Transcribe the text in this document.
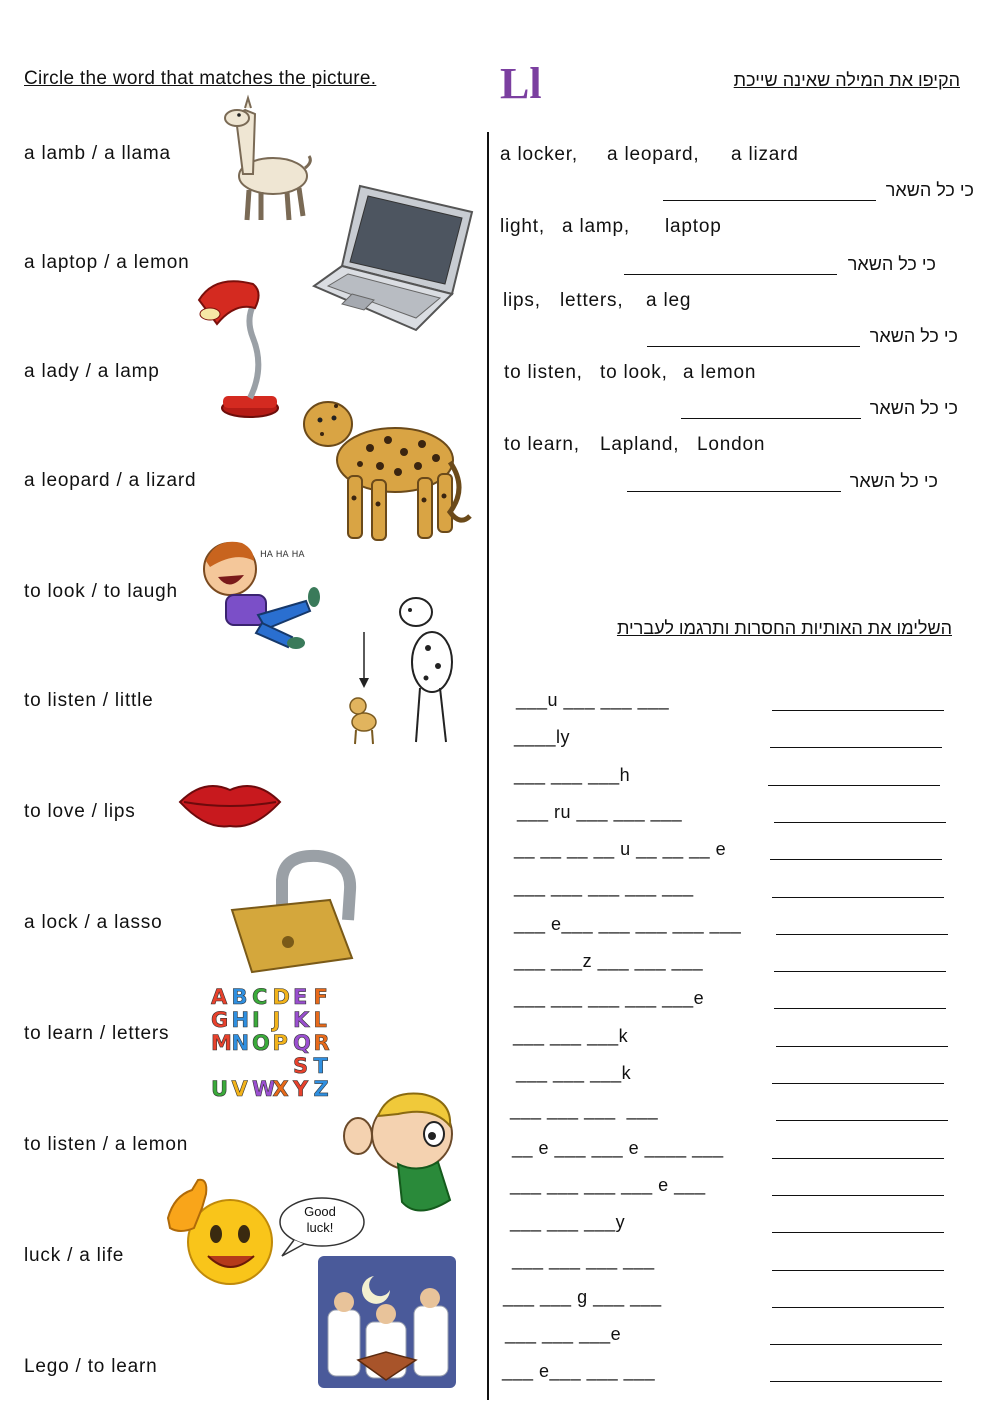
Circle the word that matches the picture.	Ll	הקיפו את המילה שאינה שייכת
a lamb / a llama
a laptop / a lemon
a lady / a lamp
a leopard / a lizard
to look / to laugh
to listen / little
to love / lips
a lock / a lasso
to learn / letters
to listen / a lemon
luck / a life
Lego / to learn
HA HA HA
A B C D E F
G H I J K L
M N O P Q R
S T
U V W
X Y Z
Good luck!
a locker, a leopard, a lizard
כי כל השאר
light, a lamp, laptop
כי כל השאר
lips, letters, a leg
כי כל השאר
to listen, to look, a lemon
כי כל השאר
to learn, Lapland, London
כי כל השאר
השלימו את האותיות החסרות ותרגמו לעברית
___u ___ ___ ___
____ly
___ ___ ___h
___ ru ___ ___ ___
__ __ __ __ u __ __ __ e
___ ___ ___ ___ ___
___ e___ ___ ___ ___ ___
___ ___z ___ ___ ___
___ ___ ___ ___ ___e
___ ___ ___k
___ ___ ___k
___ ___ ___  ___
__ e ___ ___ e ____ ___
___ ___ ___ ___ e ___
___ ___ ___y
___ ___ ___ ___
___ ___ g ___ ___
___ ___ ___e
___ e___ ___ ___
